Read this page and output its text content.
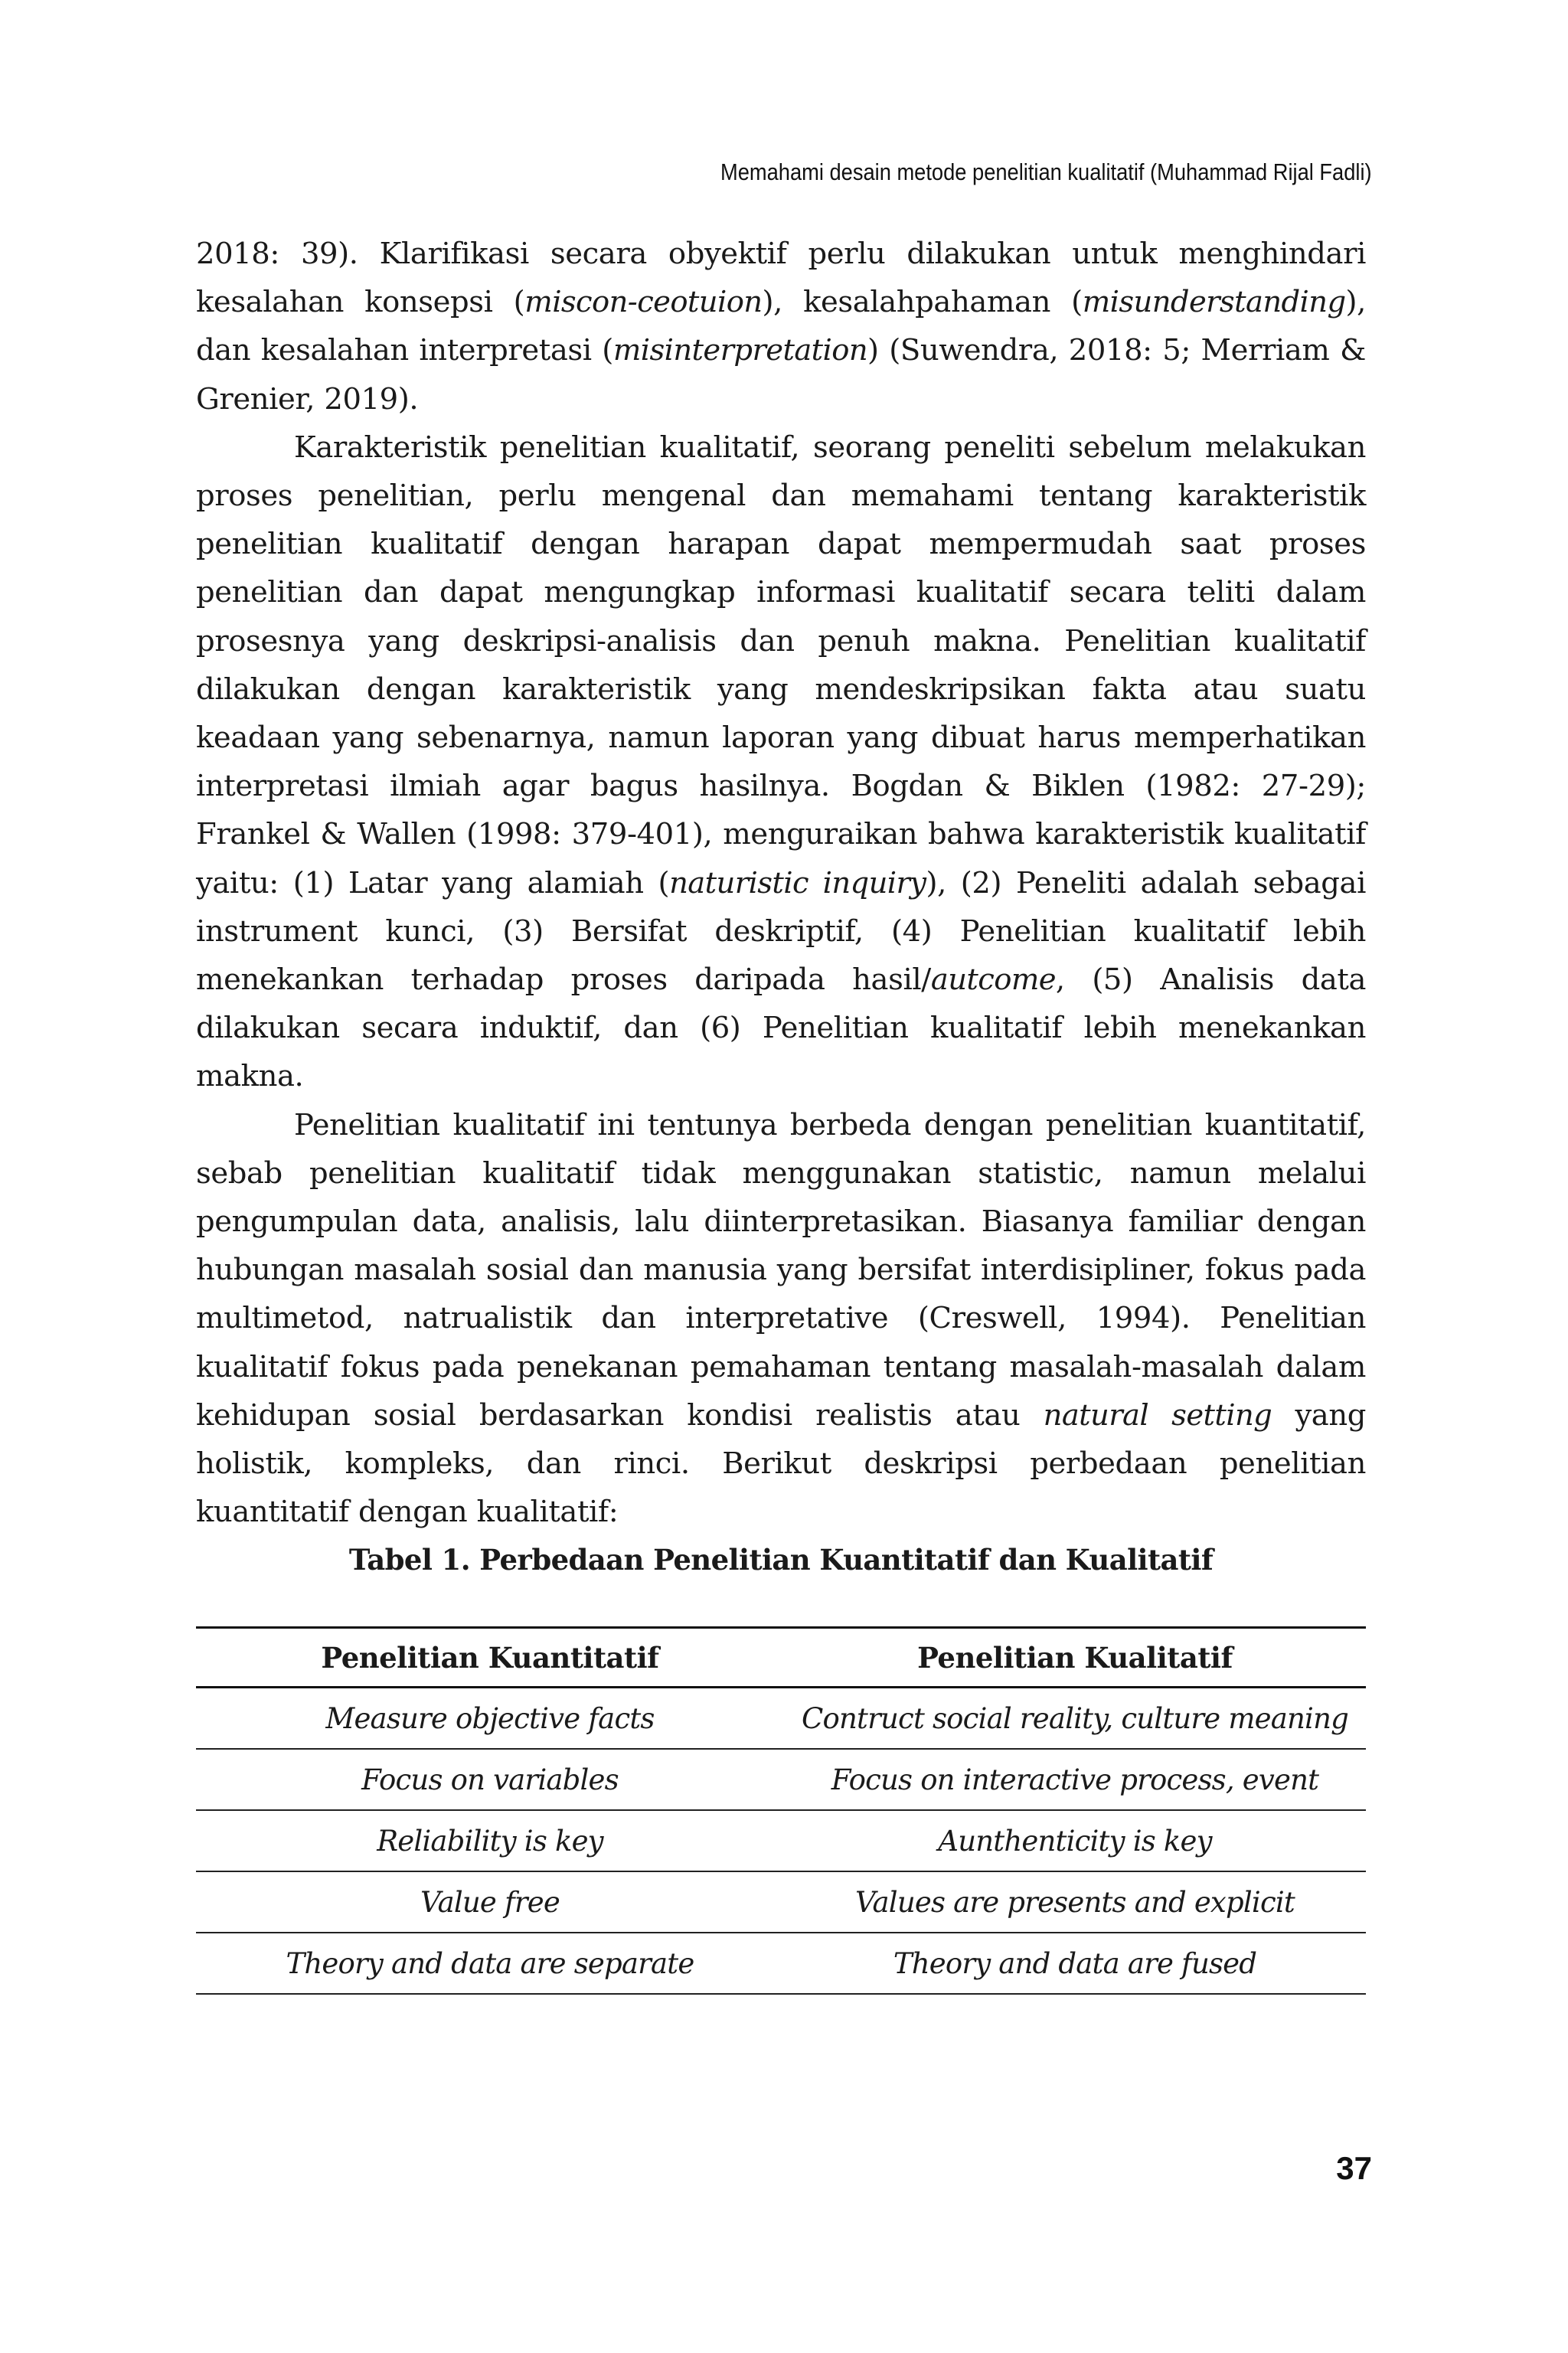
Memahami desain metode penelitian kualitatif (Muhammad Rijal Fadli)

2018: 39). Klarifikasi secara obyektif perlu dilakukan untuk menghindari kesalahan konsepsi (miscon-ceotuion), kesalahpahaman (misunderstanding), dan kesalahan interpretasi (misinterpretation) (Suwendra, 2018: 5; Merriam & Grenier, 2019).

Karakteristik penelitian kualitatif, seorang peneliti sebelum melakukan proses penelitian, perlu mengenal dan memahami tentang karakteristik penelitian kualitatif dengan harapan dapat mempermudah saat proses penelitian dan dapat mengungkap informasi kualitatif secara teliti dalam prosesnya yang deskripsi-analisis dan penuh makna. Penelitian kualitatif dilakukan dengan karakteristik yang mendeskripsikan fakta atau suatu keadaan yang sebenarnya, namun laporan yang dibuat harus memperhatikan interpretasi ilmiah agar bagus hasilnya. Bogdan & Biklen (1982: 27-29); Frankel & Wallen (1998: 379-401), menguraikan bahwa karakteristik kualitatif yaitu: (1) Latar yang alamiah (naturistic inquiry), (2) Peneliti adalah sebagai instrument kunci, (3) Bersifat deskriptif, (4) Penelitian kualitatif lebih menekankan terhadap proses daripada hasil/autcome, (5) Analisis data dilakukan secara induktif, dan (6) Penelitian kualitatif lebih menekankan makna.

Penelitian kualitatif ini tentunya berbeda dengan penelitian kuantitatif, sebab penelitian kualitatif tidak menggunakan statistic, namun melalui pengumpulan data, analisis, lalu diinterpretasikan. Biasanya familiar dengan hubungan masalah sosial dan manusia yang bersifat interdisipliner, fokus pada multimetod, natrualistik dan interpretative (Creswell, 1994). Penelitian kualitatif fokus pada penekanan pemahaman tentang masalah-masalah dalam kehidupan sosial berdasarkan kondisi realistis atau natural setting yang holistik, kompleks, dan rinci. Berikut deskripsi perbedaan penelitian kuantitatif dengan kualitatif:

Tabel 1. Perbedaan Penelitian Kuantitatif dan Kualitatif
Penelitian Kuantitatif	Penelitian Kualitatif
Measure objective facts	Contruct social reality, culture meaning
Focus on variables	Focus on interactive process, event
Reliability is key	Aunthenticity is key
Value free	Values are presents and explicit
Theory and data are separate	Theory and data are fused
37
